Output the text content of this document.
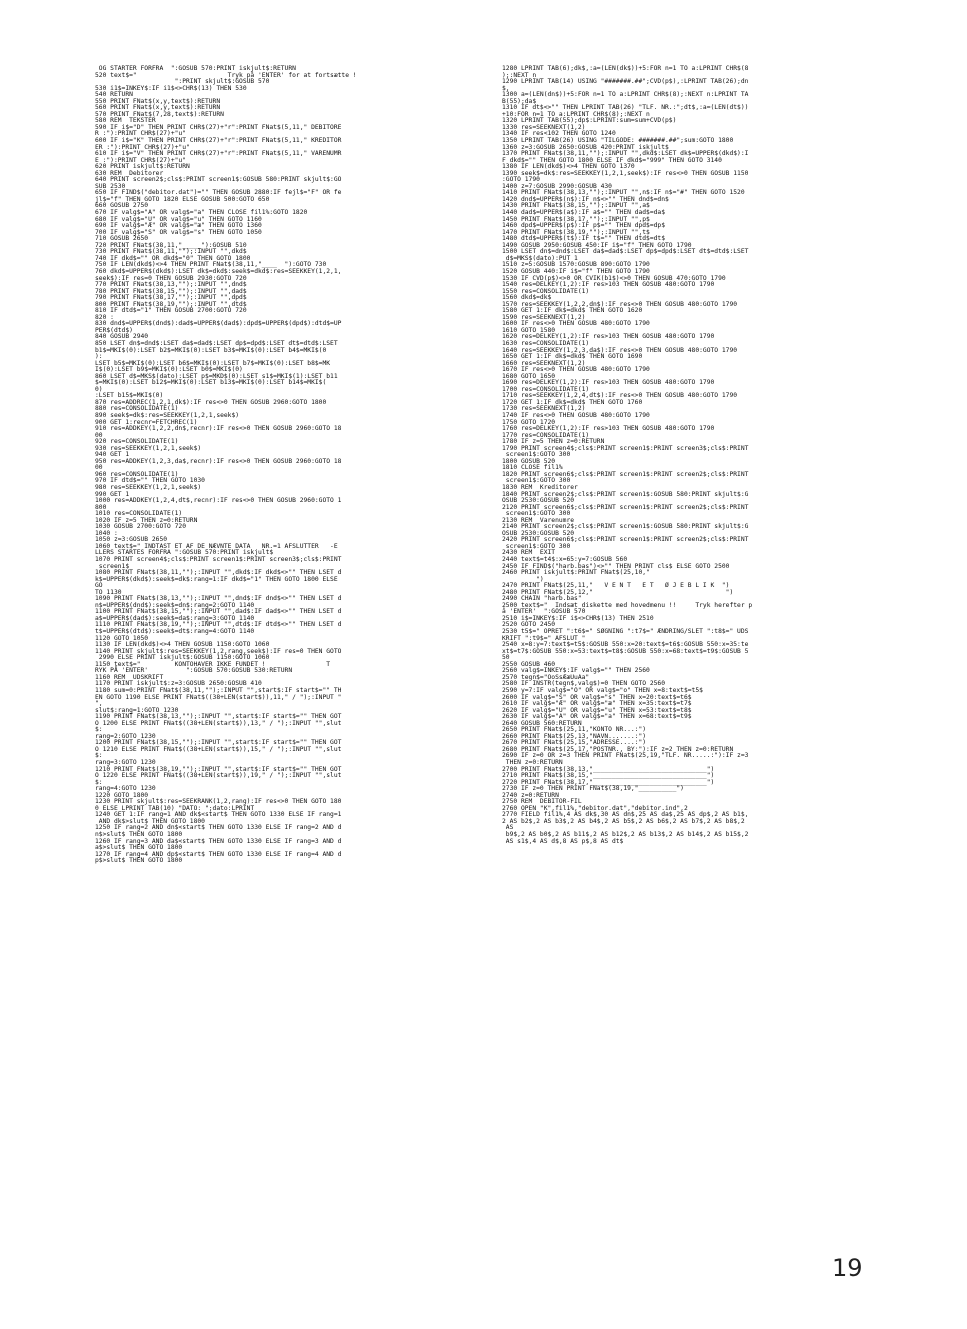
OG STARTER FORFRA  ":GOSUB 570:PRINT iskjult$:RETURN
520 text$="                        Tryk på 'ENTER' for at fortsætte !
":PRINT skjult$:GOSUB 570
530 i1$=INKEY$:IF i1$<>CHR$(13) THEN 530
540 RETURN
550 PRINT FNat$(x,y,text$):RETURN
560 PRINT FNat$(x,y,text$):RETURN
570 PRINT FNat$(7,28,text$):RETURN
580 REM  TEKSTER
590 IF i$="D" THEN PRINT CHR$(27)+"r":PRINT FNat$(5,11," DEBITORE
R :"):PRINT CHR$(27)+"u"
600 IF i$="K" THEN PRINT CHR$(27)+"r":PRINT FNat$(5,11," KREDITOR
ER :"):PRINT CHR$(27)+"u"
610 IF i$="V" THEN PRINT CHR$(27)+"r":PRINT FNat$(5,11," VARENUMR
E :"):PRINT CHR$(27)+"u"
620 PRINT iskjult$:RETURN
630 REM  Debitorer
640 PRINT screen2$;cls$:PRINT screen1$:GOSUB 580:PRINT skjult$:GO
SUB 2530
650 IF FIND$("debitor.dat")="" THEN GOSUB 2880:IF fejl$="F" OR fe
jl$="f" THEN GOTO 1820 ELSE GOSUB 500:GOTO 650
660 GOSUB 2750
670 IF valg$="A" OR valg$="a" THEN CLOSE fil1%:GOTO 1820
680 IF valg$="U" OR valg$="u" THEN GOTO 1160
690 IF valg$="Æ" OR valg$="æ" THEN GOTO 1360
700 IF valg$="S" OR valg$="s" THEN GOTO 1050
710 GOSUB 2650
720 PRINT FNat$(38,11,"_____"):GOSUB 510
730 PRINT FNat$(38,11,"");:INPUT "",dkd$
740 IF dkd$="" OR dkd$="0" THEN GOTO 1800
750 IF LEN(dkd$)<>4 THEN PRINT FNat$(38,11,"____  "):GOTO 730
760 dkd$=UPPER$(dkd$):LSET dk$=dkd$:seek$=dkd$:res=SEEKKEY(1,2,1,
seek$):IF res=0 THEN GOSUB 2930:GOTO 720
770 PRINT FNat$(38,13,"");:INPUT "",dnd$
780 PRINT FNat$(38,15,"");:INPUT "",dad$
790 PRINT FNat$(38,17,"");:INPUT "",dpd$
800 PRINT FNat$(38,19,"");:INPUT "",dtd$
810 IF dtd$="1" THEN GOSUB 2700:GOTO 720
820 :
830 dnd$=UPPER$(dnd$):dad$=UPPER$(dad$):dpd$=UPPER$(dpd$):dtd$=UP
PER$(dtd$)
840 GOSUB 2940
850 LSET dn$=dnd$:LSET da$=dad$:LSET dp$=dpd$:LSET dt$=dtd$:LSET
b1$=MKI$(0):LSET b2$=MKI$(0):LSET b3$=MKI$(0):LSET b4$=MKI$(0
):
LSET b5$=MKI$(0):LSET b6$=MKI$(0):LSET b7$=MKI$(0):LSET b8$=MK
I$(0):LSET b9$=MKI$(0):LSET b0$=MKI$(0)
860 LSET d$=MKS$(dato):LSET p$=MKD$(0):LSET s1$=MKI$(1):LSET b11
$=MKI$(0):LSET b12$=MKI$(0):LSET b13$=MKI$(0):LSET b14$=MKI$(
0)
:LSET b15$=MKI$(0)
870 res=ADDREC(1,2,1,dk$):IF res<>0 THEN GOSUB 2960:GOTO 1800
880 res=CONSOLIDATE(1)
890 seek$=dk$:res=SEEKKEY(1,2,1,seek$)
900 GET 1:recnr=FETCHREC(1)
910 res=ADDKEY(1,2,2,dn$,recnr):IF res<>0 THEN GOSUB 2960:GOTO 18
00
920 res=CONSOLIDATE(1)
930 res=SEEKKEY(1,2,1,seek$)
940 GET 1
950 res=ADDKEY(1,2,3,da$,recnr):IF res<>0 THEN GOSUB 2960:GOTO 18
00
960 res=CONSOLIDATE(1)
970 IF dtd$="" THEN GOTO 1030
980 res=SEEKKEY(1,2,1,seek$)
990 GET 1
1000 res=ADDKEY(1,2,4,dt$,recnr):IF res<>0 THEN GOSUB 2960:GOTO 1
800
1010 res=CONSOLIDATE(1)
1020 IF z=5 THEN z=0:RETURN
1030 GOSUB 2700:GOTO 720
1040 :
1050 z=3:GOSUB 2650
1060 text$=" INDTAST ET AF DE NÆVNTE DATA   NR.=1 AFSLUTTER   -E
LLERS STARTES FORFRA ":GOSUB 570:PRINT iskjult$
1070 PRINT screen4$;cls$:PRINT screen1$:PRINT screen3$;cls$:PRINT
screen1$
1080 PRINT FNat$(38,11,"");:INPUT "",dkd$:IF dkd$<>"" THEN LSET d
k$=UPPER$(dkd$):seek$=dk$:rang=1:IF dkd$="1" THEN GOTO 1800 ELSE
GO
TO 1130
1090 PRINT FNat$(38,13,"");:INPUT "",dnd$:IF dnd$<>"" THEN LSET d
n$=UPPER$(dnd$):seek$=dn$:rang=2:GOTO 1140
1100 PRINT FNat$(38,15,"");:INPUT "",dad$:IF dad$<>"" THEN LSET d
a$=UPPER$(dad$):seek$=da$:rang=3:GOTO 1140
1110 PRINT FNat$(38,19,"");:INPUT "",dtd$:IF dtd$<>"" THEN LSET d
t$=UPPER$(dtd$):seek$=dt$:rang=4:GOTO 1140
1120 GOTO 1050
1130 IF LEN(dkd$)<>4 THEN GOSUB 1150:GOTO 1060
1140 PRINT skjult$:res=SEEKKEY(1,2,rang,seek$):IF res=0 THEN GOTO
2990 ELSE PRINT iskjult$:GOSUB 1150:GOTO 1060
1150 text$="         KONTOHAVER IKKE FUNDET !                T
RYK PÅ 'ENTER'          ":GOSUB 570:GOSUB 530:RETURN
1160 REM  UDSKRIFT
1170 PRINT iskjult$:z=3:GOSUB 2650:GOSUB 410
1180 sum=0:PRINT FNat$(38,11,"");:INPUT "",start$:IF start$="" TH
EN GOTO 1190 ELSE PRINT FNat$((38+LEN(start$)),11," / ");:INPUT "
",
slut$:rang=1:GOTO 1230
1190 PRINT FNat$(38,13,"");:INPUT "",start$:IF start$="" THEN GOT
O 1200 ELSE PRINT FNat$((38+LEN(start$)),13," / ");:INPUT "",slut
$:
rang=2:GOTO 1230
1200 PRINT FNat$(38,15,"");:INPUT "",start$:IF start$="" THEN GOT
O 1210 ELSE PRINT FNat$((38+LEN(start$)),15," / ");:INPUT "",slut
$:
rang=3:GOTO 1230
1210 PRINT FNat$(38,19,"");:INPUT "",start$:IF start$="" THEN GOT
O 1220 ELSE PRINT FNat$((38+LEN(start$)),19," / ");:INPUT "",slut
$:
rang=4:GOTO 1230
1220 GOTO 1800
1230 PRINT skjult$:res=SEEKRANK(1,2,rang):IF res<>0 THEN GOTO 180
0 ELSE LPRINT TAB(10) "DATO: ";dato:LPRINT
1240 GET 1:IF rang=1 AND dk$<start$ THEN GOTO 1330 ELSE IF rang=1
AND dk$>slut$ THEN GOTO 1800
1250 IF rang=2 AND dn$<start$ THEN GOTO 1330 ELSE IF rang=2 AND d
n$>slut$ THEN GOTO 1800
1260 IF rang=3 AND da$<start$ THEN GOTO 1330 ELSE IF rang=3 AND d
a$>slut$ THEN GOTO 1800
1270 IF rang=4 AND dp$<start$ THEN GOTO 1330 ELSE IF rang=4 AND d
p$>slut$ THEN GOTO 1800
1280 LPRINT TAB(6);dk$,:a=(LEN(dk$))+5:FOR n=1 TO a:LPRINT CHR$(8
);:NEXT n
1290 LPRINT TAB(14) USING "#######.##";CVD(p$),:LPRINT TAB(26);dn
$,
1300 a=(LEN(dn$))+5:FOR n=1 TO a:LPRINT CHR$(8);:NEXT n:LPRINT TA
B(55);da$
1310 IF dt$<>"" THEN LPRINT TAB(26) "TLF. NR.:";dt$,:a=(LEN(dt$))
+10:FOR n=1 TO a:LPRINT CHR$(8);:NEXT n
1320 LPRINT TAB(55);dp$:LPRINT:sum=sum+CVD(p$)
1330 res=SEEKNEXT(1,2)
1340 IF res<102 THEN GOTO 1240
1350 LPRINT TAB(26) USING "TILGODE: #######.##";sum:GOTO 1800
1360 z=3:GOSUB 2650:GOSUB 420:PRINT iskjult$
1370 PRINT FNat$(38,11,"");:INPUT "",dkd$:LSET dk$=UPPER$(dkd$):I
F dkd$="" THEN GOTO 1800 ELSE IF dkd$="999" THEN GOTO 3140
1380 IF LEN(dkd$)<>4 THEN GOTO 1370
1390 seek$=dk$:res=SEEKKEY(1,2,1,seek$):IF res<>0 THEN GOSUB 1150
:GOTO 1790
1400 z=7:GOSUB 2990:GOSUB 430
1410 PRINT FNat$(38,13,"");:INPUT "",n$:IF n$="#" THEN GOTO 1520
1420 dnd$=UPPER$(n$):IF n$<>"" THEN dnd$=dn$
1430 PRINT FNat$(38,15,"");:INPUT "",a$
1440 dad$=UPPER$(a$):IF a$="" THEN dad$=da$
1450 PRINT FNat$(38,17,"");:INPUT "",p$
1460 dpd$=UPPER$(p$):IF p$="" THEN dpd$=dp$
1470 PRINT FNat$(38,19,"");:INPUT "",t$
1480 dtd$=UPPER$(t$):IF t$="" THEN dtd$=dt$
1490 GOSUB 2950:GOSUB 450:IF i$="f" THEN GOTO 1790
1500 LSET dn$=dnd$:LSET da$=dad$:LSET dp$=dpd$:LSET dt$=dtd$:LSET
d$=MKS$(dato):PUT 1
1510 z=5:GOSUB 1570:GOSUB 890:GOTO 1790
1520 GOSUB 440:IF i$="f" THEN GOTO 1790
1530 IF CVD(p$)<>0 OR CVIK(b1$)<>0 THEN GOSUB 470:GOTO 1790
1540 res=DELKEY(1,2):IF res>103 THEN GOSUB 480:GOTO 1790
1550 res=CONSOLIDATE(1)
1560 dkd$=dk$
1570 res=SEEKKEY(1,2,2,dn$):IF res<>0 THEN GOSUB 480:GOTO 1790
1580 GET 1:IF dk$=dkd$ THEN GOTO 1620
1590 res=SEEKNEXT(1,2)
1600 IF res<>0 THEN GOSUB 480:GOTO 1790
1610 GOTO 1580
1620 res=DELKEY(1,2):IF res>103 THEN GOSUB 480:GOTO 1790
1630 res=CONSOLIDATE(1)
1640 res=SEEKKEY(1,2,3,da$):IF res<>0 THEN GOSUB 480:GOTO 1790
1650 GET 1:IF dk$=dkd$ THEN GOTO 1690
1660 res=SEEKNEXT(1,2)
1670 IF res<>0 THEN GOSUB 480:GOTO 1790
1680 GOTO 1650
1690 res=DELKEY(1,2):IF res>103 THEN GOSUB 480:GOTO 1790
1700 res=CONSOLIDATE(1)
1710 res=SEEKKEY(1,2,4,dt$):IF res<>0 THEN GOSUB 480:GOTO 1790
1720 GET 1:IF dk$=dkd$ THEN GOTO 1760
1730 res=SEEKNEXT(1,2)
1740 IF res<>0 THEN GOSUB 480:GOTO 1790
1750 GOTO 1720
1760 res=DELKEY(1,2):IF res>103 THEN GOSUB 480:GOTO 1790
1770 res=CONSOLIDATE(1)
1780 IF z=5 THEN z=0:RETURN
1790 PRINT screen4$;cls$:PRINT screen1$:PRINT screen3$;cls$:PRINT
screen1$:GOTO 300
1800 GOSUB 520
1810 CLOSE fil1%
1820 PRINT screen6$;cls$:PRINT screen1$:PRINT screen2$;cls$:PRINT
screen1$:GOTO 300
1830 REM  Kreditorer
1840 PRINT screen2$;cls$:PRINT screen1$:GOSUB 580:PRINT skjult$:G
OSUB 2530:GOSUB 520
2120 PRINT screen6$;cls$:PRINT screen1$:PRINT screen2$;cls$:PRINT
screen1$:GOTO 300
2130 REM  Varenumre
2140 PRINT screen2$;cls$:PRINT screen1$:GOSUB 580:PRINT skjult$:G
OSUB 2530:GOSUB 520
2420 PRINT screen6$;cls$:PRINT screen1$:PRINT screen2$;cls$:PRINT
screen1$:GOTO 300
2430 REM  EXIT
2440 text$=t4$:x=65:y=7:GOSUB 560
2450 IF FIND$("harb.bas")<>"" THEN PRINT cls$ ELSE GOTO 2500
2460 PRINT iskjult$:PRINT FNat$(25,10,"
")
2470 PRINT FNat$(25,11,"   V E N T   E T   Ø J E B L I K  ")
2480 PRINT FNat$(25,12,"                                   ")
2490 CHAIN "harb.bas"
2500 text$="  Indsæt diskette med hovedmenu !!     Tryk herefter p
å 'ENTER'  ":GOSUB 570
2510 i$=INKEY$:IF i$<>CHR$(13) THEN 2510
2520 GOTO 2450
2530 t5$=" OPRET ":t6$=" SØGNING ":t7$=" ÆNDRING/SLET ":t8$=" UDS
KRIFT ":t9$=" AFSLUT "
2540 x=8:y=7:text$=t5$:GOSUB 550:x=20:text$=t6$:GOSUB 550:x=35:te
xt$=t7$:GOSUB 550:x=53:text$=t8$:GOSUB 550:x=68:text$=t9$:GOSUB 5
50
2550 GOSUB 460
2560 valg$=INKEY$:IF valg$="" THEN 2560
2570 tegn$="OoSsÆæUuAa"
2580 IF INSTR(tegn$,valg$)=0 THEN GOTO 2560
2590 y=7:IF valg$="O" OR valg$="o" THEN x=8:text$=t5$
2600 IF valg$="S" OR valg$="s" THEN x=20:text$=t6$
2610 IF valg$="Æ" OR valg$="æ" THEN x=35:text$=t7$
2620 IF valg$="U" OR valg$="u" THEN x=53:text$=t8$
2630 IF valg$="A" OR valg$="a" THEN x=68:text$=t9$
2640 GOSUB 560:RETURN
2650 PRINT FNat$(25,11,"KONTO NR...:")
2660 PRINT FNat$(25,13,"NAVN.......:")
2670 PRINT FNat$(25,15,"ADRESSE....:")
2680 PRINT FNat$(25,17,"POSTNR., BY:"):IF z=2 THEN z=0:RETURN
2690 IF z=0 OR z=3 THEN PRINT FNat$(25,19,"TLF. NR.....:"):IF z=3
THEN z=0:RETURN
2700 PRINT FNat$(38,13,"______________________________")
2710 PRINT FNat$(38,15,"______________________________")
2720 PRINT FNat$(38,17,"______________________________")
2730 IF z=0 THEN PRINT FNat$(38,19,"__________")
2740 z=0:RETURN
2750 REM  DEBITOR-FIL
2760 OPEN "K",fil1%,"debitor.dat","debitor.ind",2
2770 FIELD fil1%,4 AS dk$,30 AS dn$,25 AS da$,25 AS dp$,2 AS b1$,
2 AS b2$,2 AS b3$,2 AS b4$,2 AS b5$,2 AS b6$,2 AS b7$,2 AS b8$,2
AS
b9$,2 AS b0$,2 AS b11$,2 AS b12$,2 AS b13$,2 AS b14$,2 AS b15$,2
AS s1$,4 AS d$,8 AS p$,8 AS dt$
19
